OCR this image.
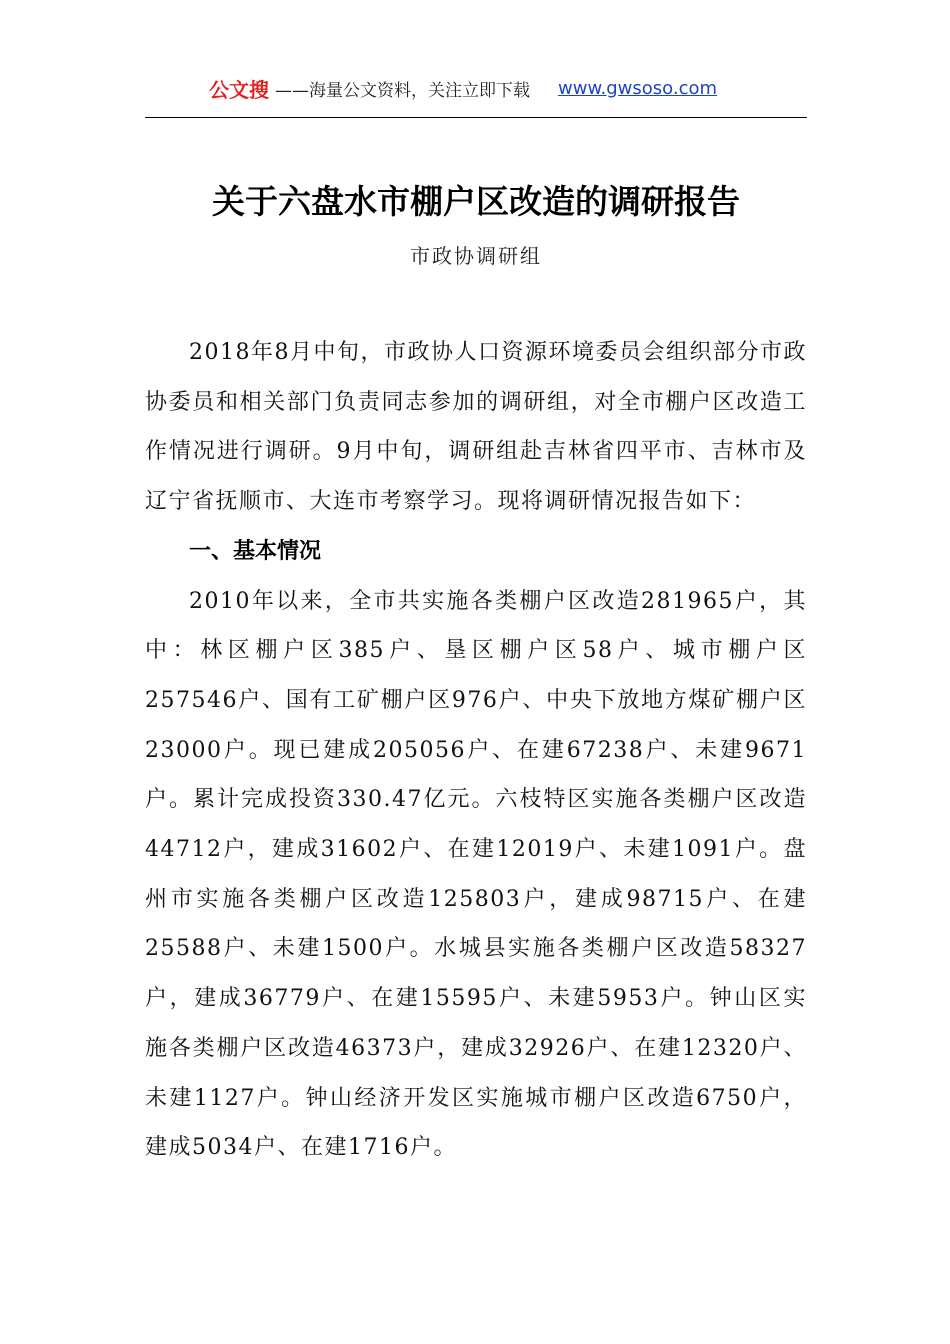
公文搜 ——海量公文资料，关注立即下载 www.gwsoso.com
关于六盘水市棚户区改造的调研报告
市政协调研组

2018年8月中旬，市政协人口资源环境委员会组织部分市政协委员和相关部门负责同志参加的调研组，对全市棚户区改造工作情况进行调研。9月中旬，调研组赴吉林省四平市、吉林市及辽宁省抚顺市、大连市考察学习。现将调研情况报告如下：

一、基本情况

2010年以来，全市共实施各类棚户区改造281965户，其中：林区棚户区385户、垦区棚户区58户、城市棚户区257546户、国有工矿棚户区976户、中央下放地方煤矿棚户区23000户。现已建成205056户、在建67238户、未建9671户。累计完成投资330.47亿元。六枝特区实施各类棚户区改造44712户，建成31602户、在建12019户、未建1091户。盘州市实施各类棚户区改造125803户，建成98715户、在建25588户、未建1500户。水城县实施各类棚户区改造58327户，建成36779户、在建15595户、未建5953户。钟山区实施各类棚户区改造46373户，建成32926户、在建12320户、未建1127户。钟山经济开发区实施城市棚户区改造6750户，建成5034户、在建1716户。
